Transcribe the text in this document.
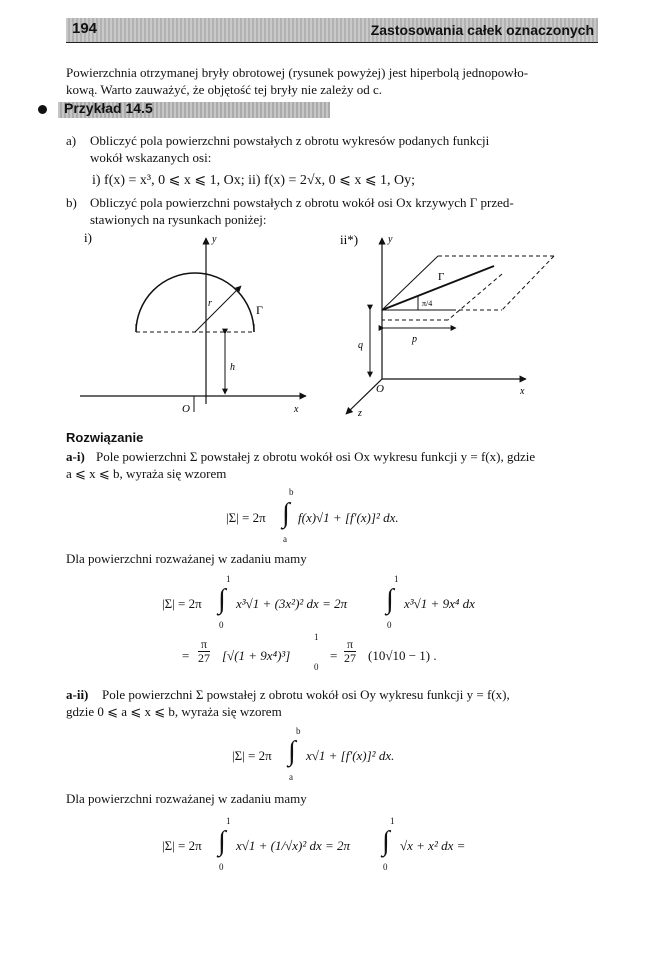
194	Zastosowania całek oznaczonych
Powierzchnia otrzymanej bryły obrotowej (rysunek powyżej) jest hiperbolą jednopowło-
kową. Warto zauważyć, że objętość tej bryły nie zależy od c.
Przykład 14.5
a) Obliczyć pola powierzchni powstałych z obrotu wykresów podanych funkcji
wokół wskazanych osi:
i) f(x) = x³, 0 ⩽ x ⩽ 1, Ox; ii) f(x) = 2√x, 0 ⩽ x ⩽ 1, Oy;
b) Obliczyć pola powierzchni powstałych z obrotu wokół osi Ox krzywych Γ przed-
stawionych na rysunkach poniżej:
i)	y
x
O
r	Γ
h
ii*)	y
x
z
O
Γ
π/4
p
q
Rozwiązanie
a-i) Pole powierzchni Σ powstałej z obrotu wokół osi Ox wykresu funkcji y = f(x), gdzie
a ⩽ x ⩽ b, wyraża się wzorem
|Σ| = 2π ∫
b
a
f(x)√1 + [f′(x)]² dx.
Dla powierzchni rozważanej w zadaniu mamy
|Σ| = 2π ∫
1
0
x³√1 + (3x²)² dx = 2π ∫
1
0
x³√1 + 9x⁴ dx
= $\frac{\pi}{27} [√(1 + 9x^4)^3]$
1
0
= $\frac{\pi}{27} (10√10 - 1)$ .
a-ii) Pole powierzchni Σ powstałej z obrotu wokół osi Oy wykresu funkcji y = f(x),
gdzie 0 ⩽ a ⩽ x ⩽ b, wyraża się wzorem
|Σ| = 2π ∫
b
a
x√1 + [f′(x)]² dx.
Dla powierzchni rozważanej w zadaniu mamy
|Σ| = 2π ∫
1
0
x√1 + (1/√x)² dx = 2π ∫
1
0
√x + x² dx =
